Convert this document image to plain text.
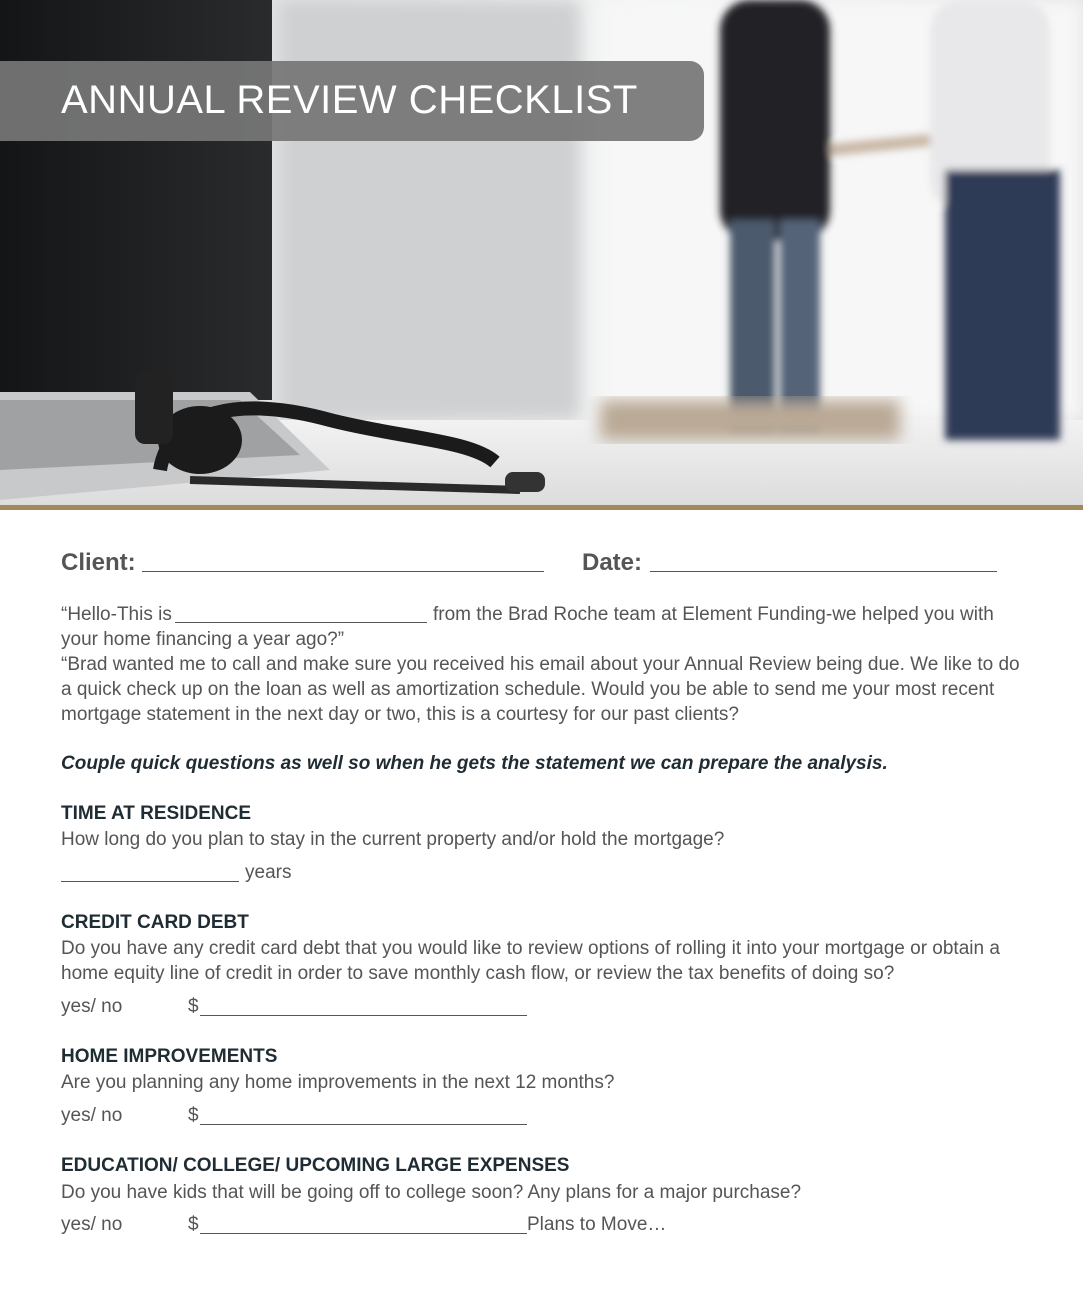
ANNUAL REVIEW CHECKLIST
Client:	Date:
“Hello-This is	from the Brad Roche team at Element Funding-we helped you with
your home financing a year ago?”
“Brad wanted me to call and make sure you received his email about your Annual Review being due. We like to do
a quick check up on the loan as well as amortization schedule. Would you be able to send me your most recent
mortgage statement in the next day or two, this is a courtesy for our past clients?
Couple quick questions as well so when he gets the statement we can prepare the analysis.
TIME AT RESIDENCE
How long do you plan to stay in the current property and/or hold the mortgage?
years
CREDIT CARD DEBT
Do you have any credit card debt that you would like to review options of rolling it into your mortgage or obtain a
home equity line of credit in order to save monthly cash flow, or review the tax benefits of doing so?
yes/ no	$
HOME IMPROVEMENTS
Are you planning any home improvements in the next 12 months?
yes/ no	$
EDUCATION/ COLLEGE/ UPCOMING LARGE EXPENSES
Do you have kids that will be going off to college soon? Any plans for a major purchase?
yes/ no	$	Plans to Move…
